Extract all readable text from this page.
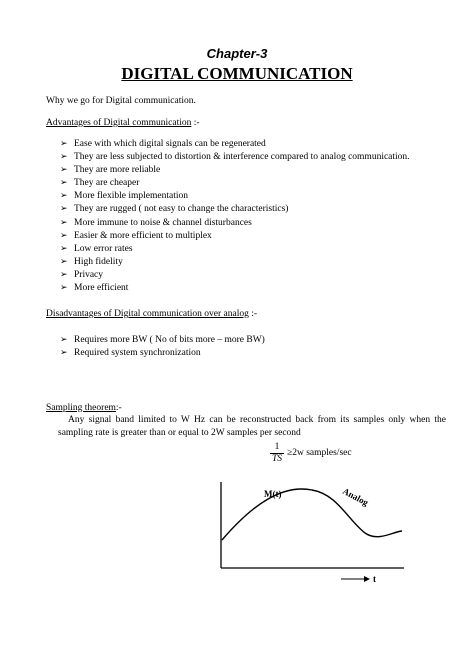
Chapter-3
DIGITAL COMMUNICATION
Why we go for Digital communication.
Advantages of Digital communication :-
➢ Ease with which digital signals can be regenerated
➢ They are less subjected to distortion & interference compared to analog communication.
➢ They are more reliable
➢ They are cheaper
➢ More flexible implementation
➢ They are rugged ( not easy to change the characteristics)
➢ More immune to noise & channel disturbances
➢ Easier & more efficient to multiplex
➢ Low error rates
➢ High fidelity
➢ Privacy
➢ More efficient
Disadvantages of Digital communication over analog :-
➢ Requires more BW ( No of bits more – more BW)
➢ Required system synchronization
Sampling theorem:-
Any signal band limited to W Hz can be reconstructed back from its samples only when the sampling rate is greater than or equal to 2W samples per second
$\frac{1}{TS} \ge 2w$ samples/sec
M(t)	Analog
t
